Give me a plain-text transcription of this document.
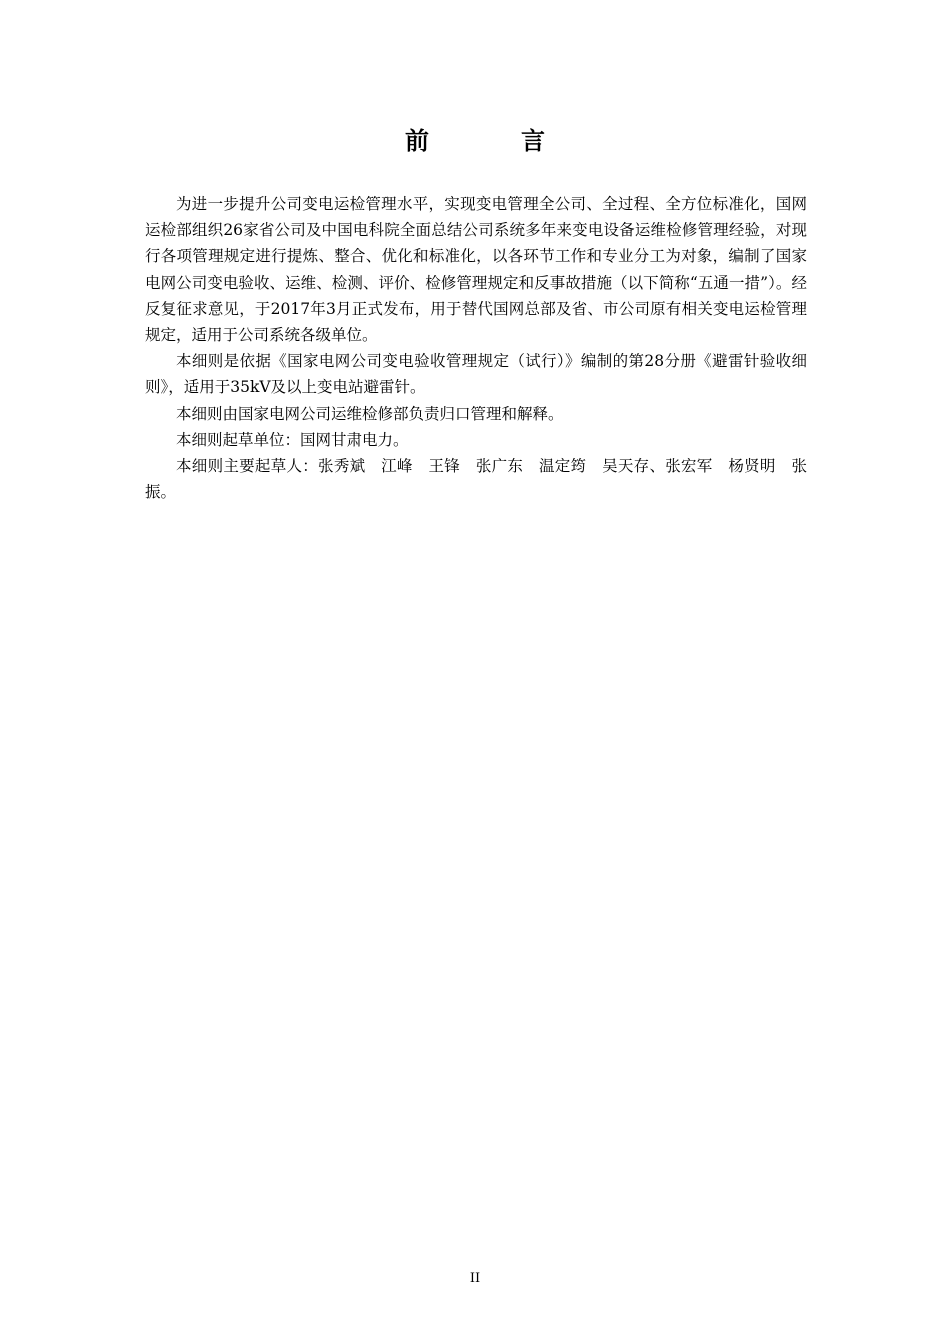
前　言

为进一步提升公司变电运检管理水平，实现变电管理全公司、全过程、全方位标准化，国网运检部组织26家省公司及中国电科院全面总结公司系统多年来变电设备运维检修管理经验，对现行各项管理规定进行提炼、整合、优化和标准化，以各环节工作和专业分工为对象，编制了国家电网公司变电验收、运维、检测、评价、检修管理规定和反事故措施（以下简称“五通一措”）。经反复征求意见，于2017年3月正式发布，用于替代国网总部及省、市公司原有相关变电运检管理规定，适用于公司系统各级单位。

本细则是依据《国家电网公司变电验收管理规定（试行）》编制的第28分册《避雷针验收细则》，适用于35kV及以上变电站避雷针。

本细则由国家电网公司运维检修部负责归口管理和解释。

本细则起草单位：国网甘肃电力。

本细则主要起草人：张秀斌　江峰　王锋　张广东　温定筠　吴天存、张宏军　杨贤明　张振。

II
